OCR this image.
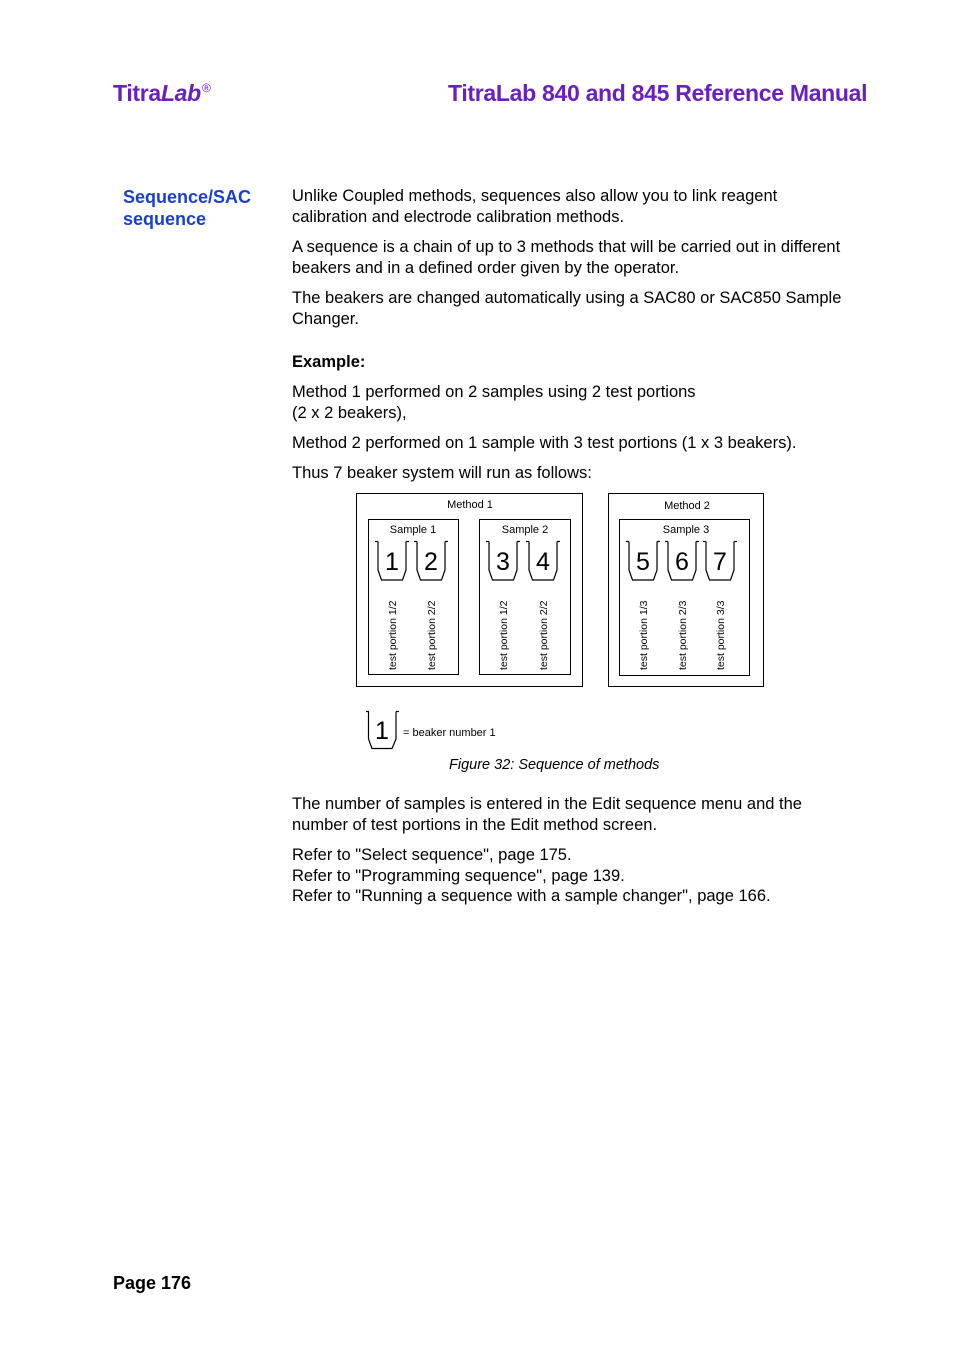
TitraLab®	TitraLab 840 and 845 Reference Manual
Sequence/SAC sequence

Unlike Coupled methods, sequences also allow you to link reagent calibration and electrode calibration methods.

A sequence is a chain of up to 3 methods that will be carried out in different beakers and in a defined order given by the operator.

The beakers are changed automatically using a SAC80 or SAC850 Sample Changer.

Example:

Method 1 performed on 2 samples using 2 test portions
(2 x 2 beakers),

Method 2 performed on 1 sample with 3 test portions (1 x 3 beakers).

Thus 7 beaker system will run as follows:

Method 1
Sample 1	Sample 2
Method 2
Sample 3
1 2 3 4	5 6 7
test portion 1/2	test portion 2/2	test portion 1/2	test portion 2/2	test portion 1/3	test portion 2/3 test portion 3/3
1 = beaker number 1
Figure 32: Sequence of methods

The number of samples is entered in the Edit sequence menu and the number of test portions in the Edit method screen.

Refer to "Select sequence", page 175.
Refer to "Programming sequence", page 139.
Refer to "Running a sequence with a sample changer", page 166.

Page 176
